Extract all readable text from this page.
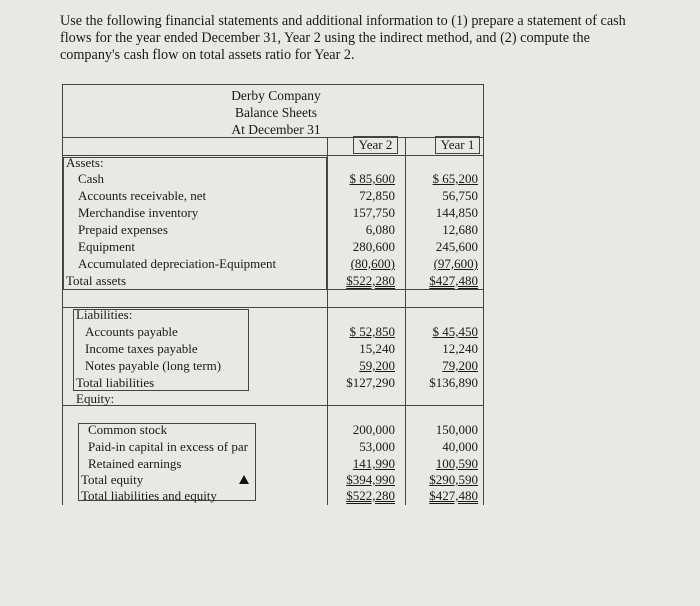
Use the following financial statements and additional information to (1) prepare a statement of cash flows for the year ended December 31, Year 2 using the indirect method, and (2) compute the company's cash flow on total assets ratio for Year 2.
Derby Company
Balance Sheets
At December 31
Year 2	Year 1
Assets:
Cash
Accounts receivable, net
Merchandise inventory
Prepaid expenses
Equipment
Accumulated depreciation-Equipment
Total assets
$ 85,600
72,850
157,750
6,080
280,600
(80,600)
$522,280
$ 65,200
56,750
144,850
12,680
245,600
(97,600)
$427,480
Liabilities:
Accounts payable
Income taxes payable
Notes payable (long term)
Total liabilities
Equity:
$ 52,850
15,240
59,200
$127,290
$ 45,450
12,240
79,200
$136,890
Common stock
Paid-in capital in excess of par
Retained earnings
Total equity
Total liabilities and equity
200,000
53,000
141,990
$394,990
$522,280
150,000
40,000
100,590
$290,590
$427,480
